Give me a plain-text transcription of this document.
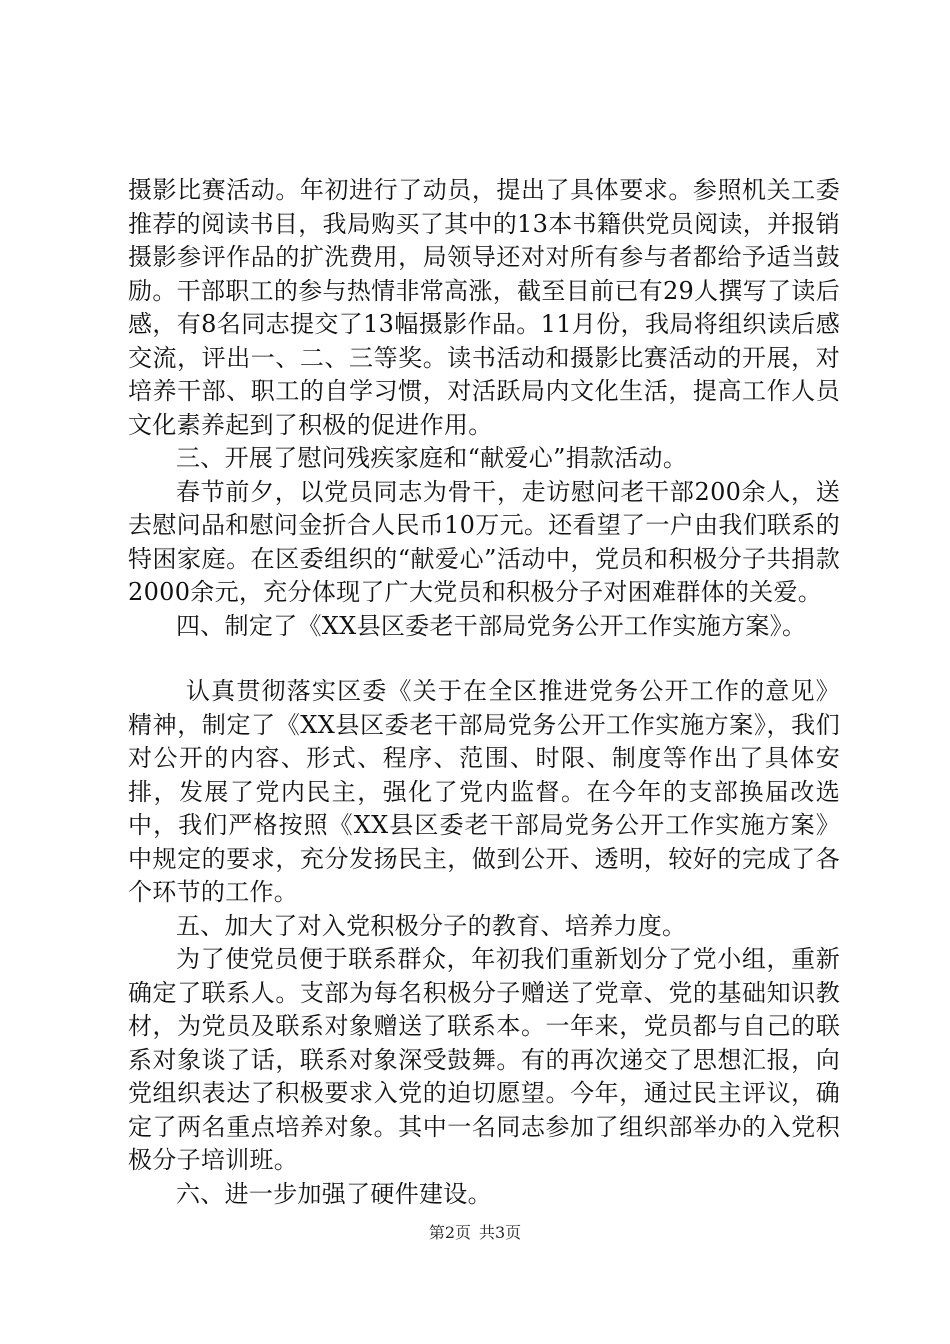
摄影比赛活动。年初进行了动员，提出了具体要求。参照机关工委推荐的阅读书目，我局购买了其中的13本书籍供党员阅读，并报销摄影参评作品的扩洗费用，局领导还对对所有参与者都给予适当鼓励。干部职工的参与热情非常高涨，截至目前已有29人撰写了读后感，有8名同志提交了13幅摄影作品。11月份，我局将组织读后感交流，评出一、二、三等奖。读书活动和摄影比赛活动的开展，对培养干部、职工的自学习惯，对活跃局内文化生活，提高工作人员文化素养起到了积极的促进作用。

三、开展了慰问残疾家庭和“献爱心”捐款活动。

春节前夕，以党员同志为骨干，走访慰问老干部200余人，送去慰问品和慰问金折合人民币10万元。还看望了一户由我们联系的特困家庭。在区委组织的“献爱心”活动中，党员和积极分子共捐款2000余元，充分体现了广大党员和积极分子对困难群体的关爱。

四、制定了《XX县区委老干部局党务公开工作实施方案》。

认真贯彻落实区委《关于在全区推进党务公开工作的意见》精神，制定了《XX县区委老干部局党务公开工作实施方案》，我们对公开的内容、形式、程序、范围、时限、制度等作出了具体安排，发展了党内民主，强化了党内监督。在今年的支部换届改选中，我们严格按照《XX县区委老干部局党务公开工作实施方案》中规定的要求，充分发扬民主，做到公开、透明，较好的完成了各个环节的工作。

五、加大了对入党积极分子的教育、培养力度。

为了使党员便于联系群众，年初我们重新划分了党小组，重新确定了联系人。支部为每名积极分子赠送了党章、党的基础知识教材，为党员及联系对象赠送了联系本。一年来，党员都与自己的联系对象谈了话，联系对象深受鼓舞。有的再次递交了思想汇报，向党组织表达了积极要求入党的迫切愿望。今年，通过民主评议，确定了两名重点培养对象。其中一名同志参加了组织部举办的入党积极分子培训班。

六、进一步加强了硬件建设。

第2页 共3页
